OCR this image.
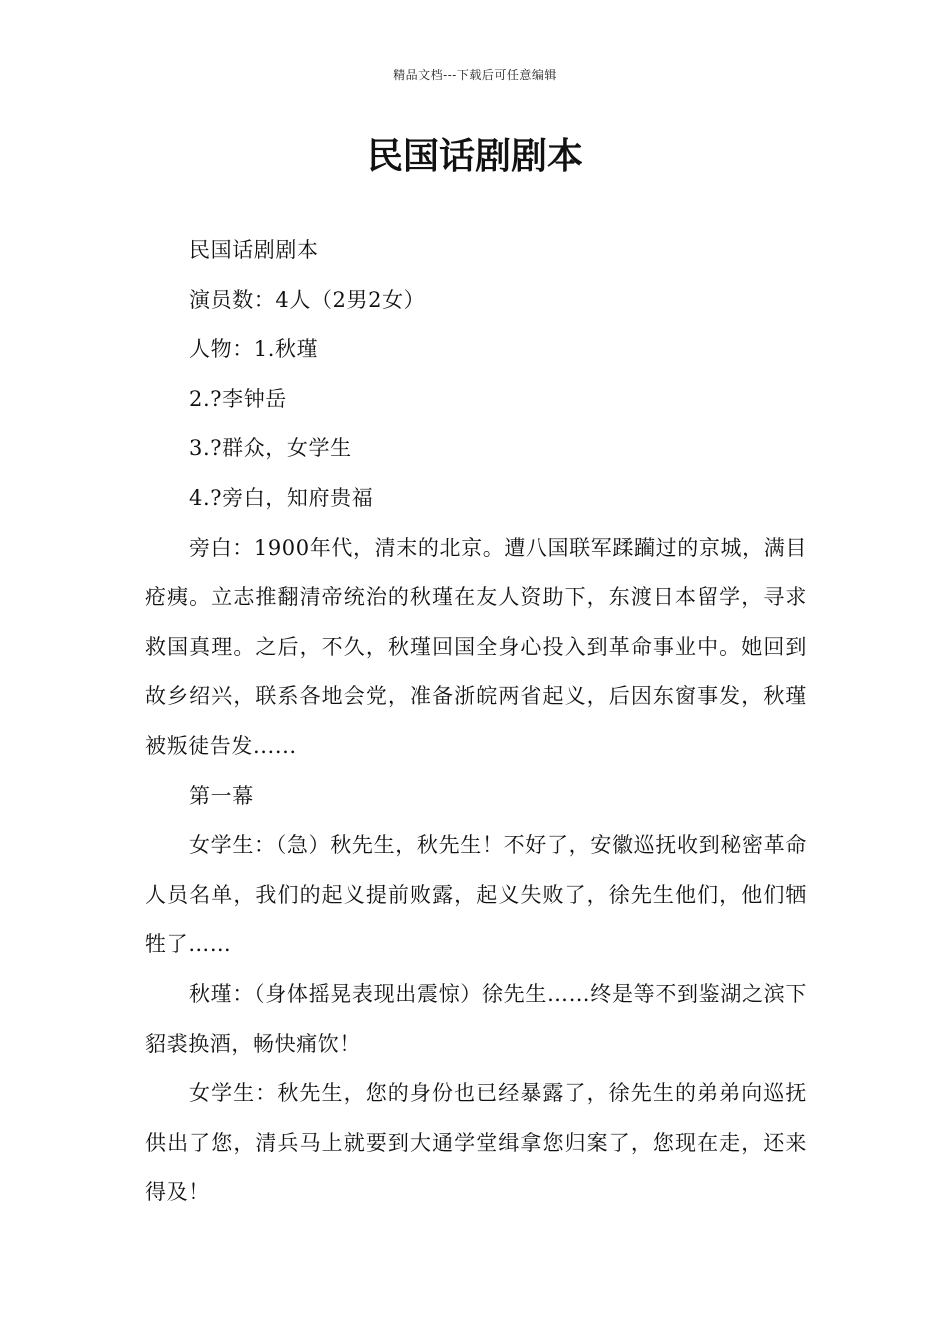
精品文档---下载后可任意编辑
民国话剧剧本

民国话剧剧本

演员数：4人（2男2女）

人物：1.秋瑾

2.?李钟岳

3.?群众，女学生

4.?旁白，知府贵福

旁白：1900年代，清末的北京。遭八国联军蹂躏过的京城，满目疮痍。立志推翻清帝统治的秋瑾在友人资助下，东渡日本留学，寻求救国真理。之后，不久，秋瑾回国全身心投入到革命事业中。她回到故乡绍兴，联系各地会党，准备浙皖两省起义，后因东窗事发，秋瑾被叛徒告发......

第一幕

女学生：（急）秋先生，秋先生！不好了，安徽巡抚收到秘密革命人员名单，我们的起义提前败露，起义失败了，徐先生他们，他们牺牲了……

秋瑾：（身体摇晃表现出震惊）徐先生……终是等不到鉴湖之滨下貂裘换酒，畅快痛饮！

女学生：秋先生，您的身份也已经暴露了，徐先生的弟弟向巡抚供出了您，清兵马上就要到大通学堂缉拿您归案了，您现在走，还来得及！
